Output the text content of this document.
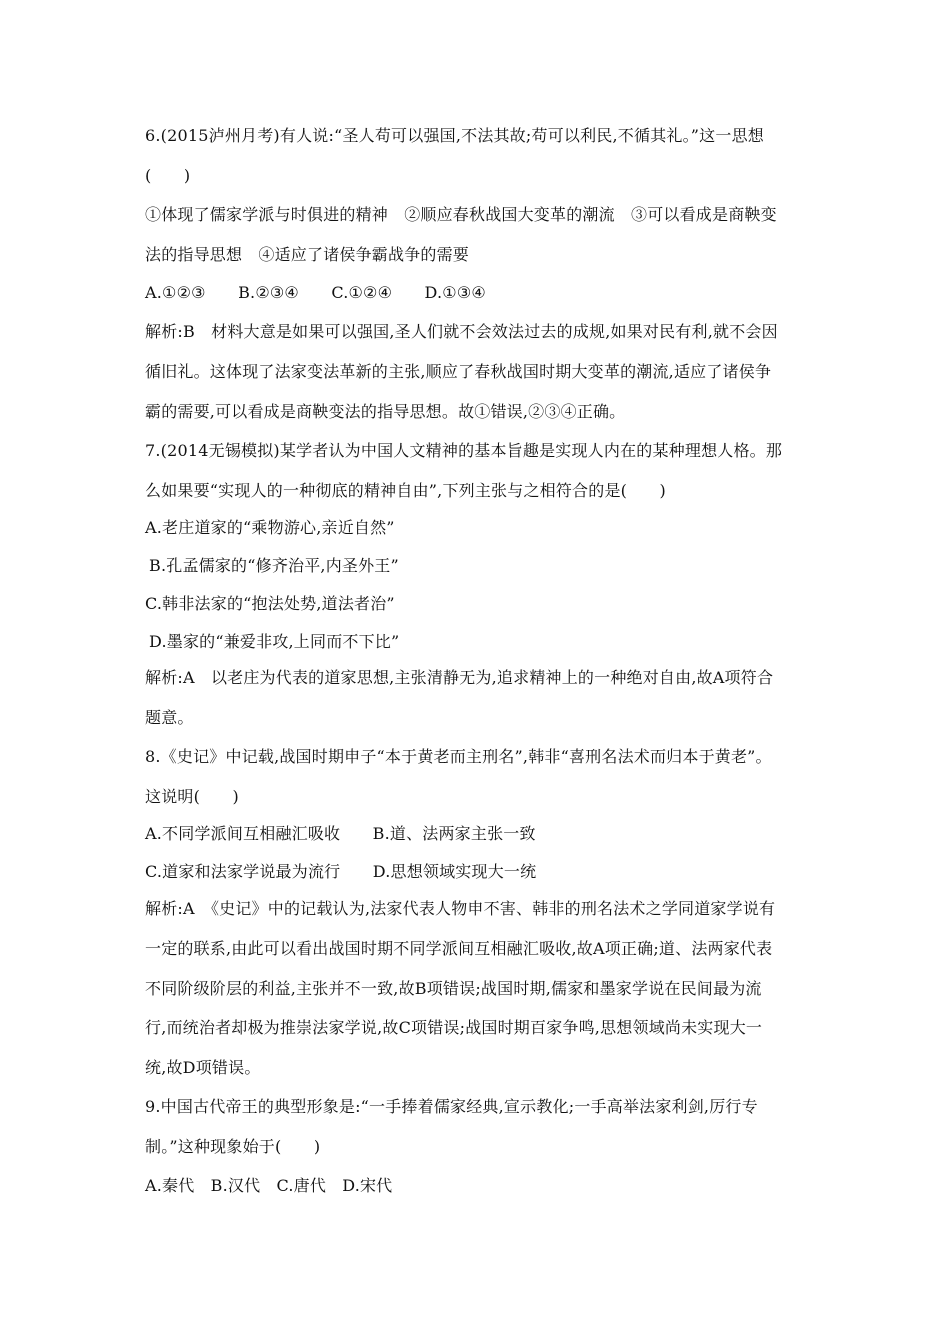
6.(2015泸州月考)有人说:“圣人苟可以强国,不法其故;苟可以利民,不循其礼。”这一思想
(　　)
①体现了儒家学派与时俱进的精神　②顺应春秋战国大变革的潮流　③可以看成是商鞅变
法的指导思想　④适应了诸侯争霸战争的需要
A.①②③　　B.②③④　　C.①②④　　D.①③④
解析:B　材料大意是如果可以强国,圣人们就不会效法过去的成规,如果对民有利,就不会因
循旧礼。这体现了法家变法革新的主张,顺应了春秋战国时期大变革的潮流,适应了诸侯争
霸的需要,可以看成是商鞅变法的指导思想。故①错误,②③④正确。
7.(2014无锡模拟)某学者认为中国人文精神的基本旨趣是实现人内在的某种理想人格。那
么如果要“实现人的一种彻底的精神自由”,下列主张与之相符合的是(　　)
A.老庄道家的“乘物游心,亲近自然”
B.孔孟儒家的“修齐治平,内圣外王”
C.韩非法家的“抱法处势,道法者治”
D.墨家的“兼爱非攻,上同而不下比”
解析:A　以老庄为代表的道家思想,主张清静无为,追求精神上的一种绝对自由,故A项符合
题意。
8.《史记》中记载,战国时期申子“本于黄老而主刑名”,韩非“喜刑名法术而归本于黄老”。
这说明(　　)
A.不同学派间互相融汇吸收　　B.道、法两家主张一致
C.道家和法家学说最为流行　　D.思想领域实现大一统
解析:A　《史记》中的记载认为,法家代表人物申不害、韩非的刑名法术之学同道家学说有
一定的联系,由此可以看出战国时期不同学派间互相融汇吸收,故A项正确;道、法两家代表
不同阶级阶层的利益,主张并不一致,故B项错误;战国时期,儒家和墨家学说在民间最为流
行,而统治者却极为推崇法家学说,故C项错误;战国时期百家争鸣,思想领域尚未实现大一
统,故D项错误。
9.中国古代帝王的典型形象是:“一手捧着儒家经典,宣示教化;一手高举法家利剑,厉行专
制。”这种现象始于(　　)
A.秦代　B.汉代　C.唐代　D.宋代
